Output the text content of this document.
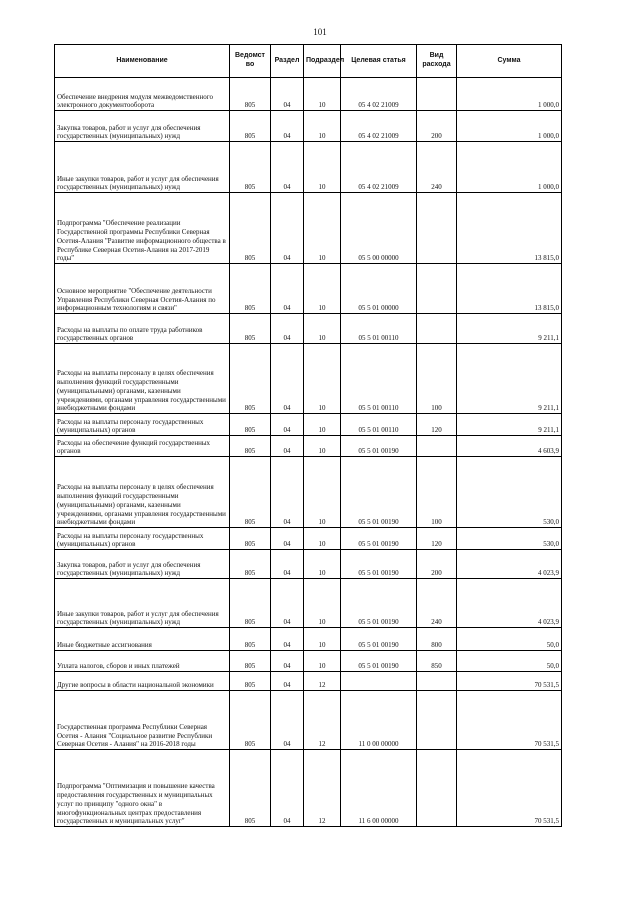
101
Наименование	Ведомст во	Раздел	Подраздел	Целевая статья	Вид расхода	Сумма
Обеспечение внедрения модуля межведомственного электронного документооборота	805	04	10	05 4 02 21009		1 000,0
Закупка товаров, работ и услуг для обеспечения государственных (муниципальных) нужд	805	04	10	05 4 02 21009	200	1 000,0
Иные закупки товаров, работ и услуг для обеспечения государственных (муниципальных) нужд	805	04	10	05 4 02 21009	240	1 000,0
Подпрограмма "Обеспечение реализации Государственной программы Республики Северная Осетия-Алания "Развитие информационного общества в Республике Северная Осетия-Алания на 2017-2019 годы"	805	04	10	05 5 00 00000		13 815,0
Основное мероприятие "Обеспечение деятельности Управления Республики Северная Осетия-Алания по информационным технологиям и связи"	805	04	10	05 5 01 00000		13 815,0
Расходы на выплаты по оплате труда работников государственных органов	805	04	10	05 5 01 00110		9 211,1
Расходы на выплаты персоналу в целях обеспечения выполнения функций государственными (муниципальными) органами, казенными учреждениями, органами управления государственными внебюджетными фондами	805	04	10	05 5 01 00110	100	9 211,1
Расходы на выплаты персоналу государственных (муниципальных) органов	805	04	10	05 5 01 00110	120	9 211,1
Расходы на обеспечение функций государственных органов	805	04	10	05 5 01 00190		4 603,9
Расходы на выплаты персоналу в целях обеспечения выполнения функций государственными (муниципальными) органами, казенными учреждениями, органами управления государственными внебюджетными фондами	805	04	10	05 5 01 00190	100	530,0
Расходы на выплаты персоналу государственных (муниципальных) органов	805	04	10	05 5 01 00190	120	530,0
Закупка товаров, работ и услуг для обеспечения государственных (муниципальных) нужд	805	04	10	05 5 01 00190	200	4 023,9
Иные закупки товаров, работ и услуг для обеспечения государственных (муниципальных) нужд	805	04	10	05 5 01 00190	240	4 023,9
Иные бюджетные ассигнования	805	04	10	05 5 01 00190	800	50,0
Уплата налогов, сборов и иных платежей	805	04	10	05 5 01 00190	850	50,0
Другие вопросы в области национальной экономики	805	04	12			70 531,5
Государственная программа Республики Северная Осетия - Алания "Социальное развитие Республики Северная Осетия - Алания" на 2016-2018 годы	805	04	12	11 0 00 00000		70 531,5
Подпрограмма "Оптимизация и повышение качества предоставления государственных и муниципальных услуг по принципу "одного окна" в многофункциональных центрах предоставления государственных и муниципальных услуг"	805	04	12	11 6 00 00000		70 531,5
